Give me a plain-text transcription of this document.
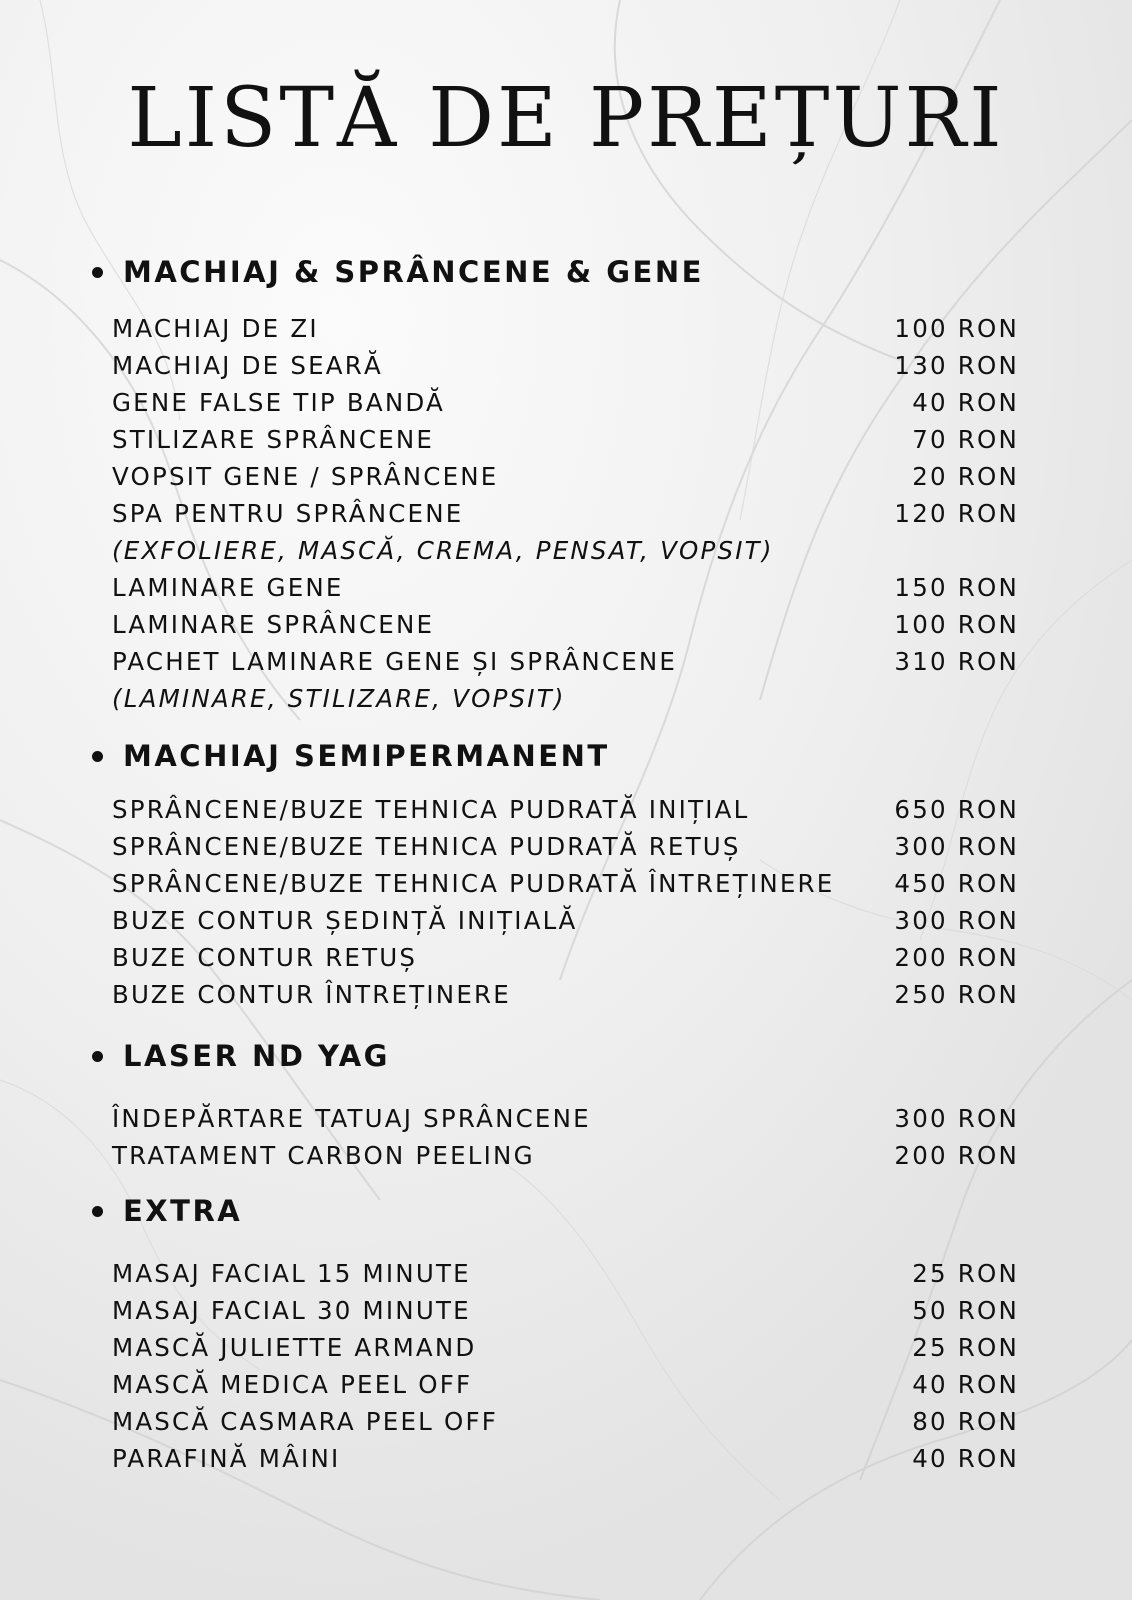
LISTĂ DE PREȚURI
MACHIAJ & SPRÂNCENE & GENE
MACHIAJ DE ZI	100 RON
MACHIAJ DE SEARĂ	130 RON
GENE FALSE TIP BANDĂ	40 RON
STILIZARE SPRÂNCENE	70 RON
VOPSIT GENE / SPRÂNCENE	20 RON
SPA PENTRU SPRÂNCENE	120 RON
(EXFOLIERE, MASCĂ, CREMA, PENSAT, VOPSIT)
LAMINARE GENE	150 RON
LAMINARE SPRÂNCENE	100 RON
PACHET LAMINARE GENE ȘI SPRÂNCENE	310 RON
(LAMINARE, STILIZARE, VOPSIT)
MACHIAJ SEMIPERMANENT
SPRÂNCENE/BUZE TEHNICA PUDRATĂ INIȚIAL	650 RON
SPRÂNCENE/BUZE TEHNICA PUDRATĂ RETUȘ	300 RON
SPRÂNCENE/BUZE TEHNICA PUDRATĂ ÎNTREȚINERE 450 RON
BUZE CONTUR ȘEDINȚĂ INIȚIALĂ	300 RON
BUZE CONTUR RETUȘ	200 RON
BUZE CONTUR ÎNTREȚINERE	250 RON
LASER ND YAG
ÎNDEPĂRTARE TATUAJ SPRÂNCENE	300 RON
TRATAMENT CARBON PEELING	200 RON
EXTRA
MASAJ FACIAL 15 MINUTE	25 RON
MASAJ FACIAL 30 MINUTE	50 RON
MASCĂ JULIETTE ARMAND	25 RON
MASCĂ MEDICA PEEL OFF	40 RON
MASCĂ CASMARA PEEL OFF	80 RON
PARAFINĂ MÂINI	40 RON
